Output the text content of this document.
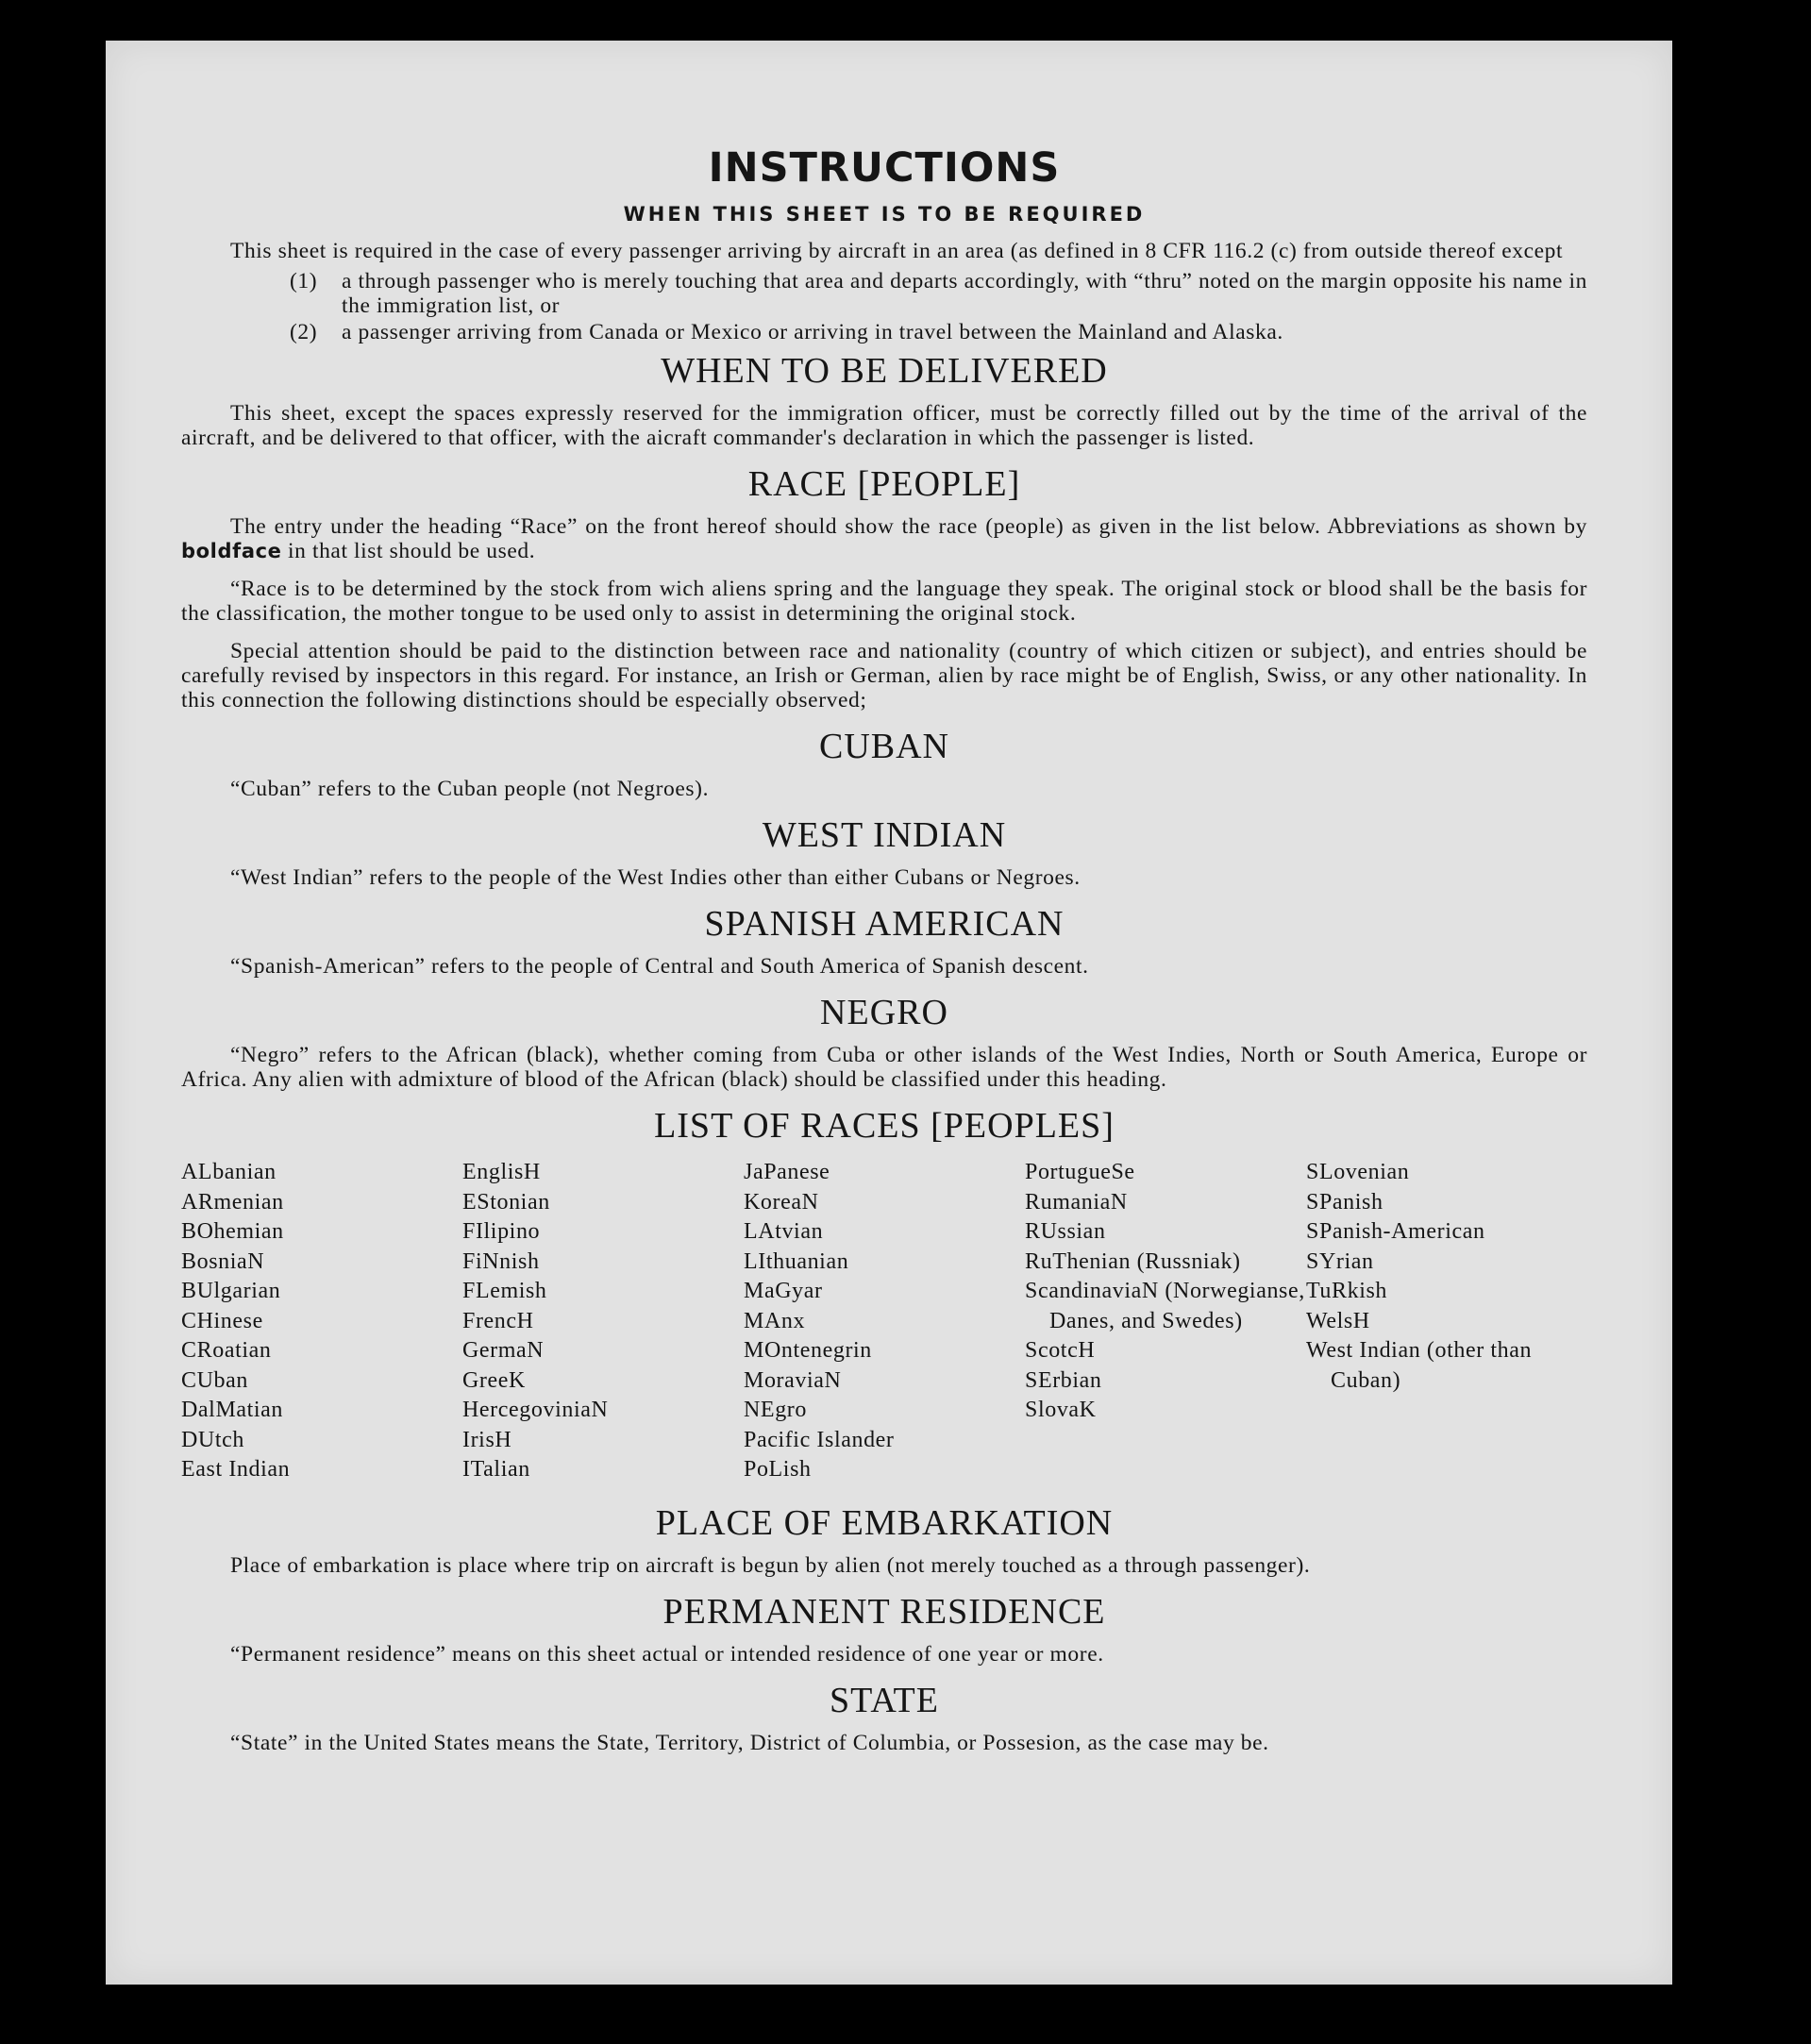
INSTRUCTIONS
WHEN THIS SHEET IS TO BE REQUIRED

This sheet is required in the case of every passenger arriving by aircraft in an area (as defined in 8 CFR 116.2 (c) from outside thereof except

(1) a through passenger who is merely touching that area and departs accordingly, with “thru” noted on the margin opposite his name in the immigration list, or
(2) a passenger arriving from Canada or Mexico or arriving in travel between the Mainland and Alaska.
WHEN TO BE DELIVERED

This sheet, except the spaces expressly reserved for the immigration officer, must be correctly filled out by the time of the arrival of the aircraft, and be delivered to that officer, with the aicraft commander's declaration in which the passenger is listed.

RACE [PEOPLE]

The entry under the heading “Race” on the front hereof should show the race (people) as given in the list below. Abbreviations as shown by boldface in that list should be used.

“Race is to be determined by the stock from wich aliens spring and the language they speak. The original stock or blood shall be the basis for the classification, the mother tongue to be used only to assist in determining the original stock.

Special attention should be paid to the distinction between race and nationality (country of which citizen or subject), and entries should be carefully revised by inspectors in this regard. For instance, an Irish or German, alien by race might be of English, Swiss, or any other nationality. In this connection the following distinctions should be especially observed;

CUBAN

“Cuban” refers to the Cuban people (not Negroes).

WEST INDIAN

“West Indian” refers to the people of the West Indies other than either Cubans or Negroes.

SPANISH AMERICAN

“Spanish-American” refers to the people of Central and South America of Spanish descent.

NEGRO

“Negro” refers to the African (black), whether coming from Cuba or other islands of the West Indies, North or South America, Europe or Africa. Any alien with admixture of blood of the African (black) should be classified under this heading.

LIST OF RACES [PEOPLES]
ALbanian
ARmenian
BOhemian
BosniaN
BUlgarian
CHinese
CRoatian
CUban
DalMatian
DUtch
East Indian
EnglisH
EStonian
FIlipino
FiNnish
FLemish
FrencH
GermaN
GreeK
HercegoviniaN
IrisH
ITalian
JaPanese
KoreaN
LAtvian
LIthuanian
MaGyar
MAnx
MOntenegrin
MoraviaN
NEgro
Pacific Islander
PoLish
PortugueSe
RumaniaN
RUssian
RuThenian (Russniak)
ScandinaviaN (Norwegianse, Danes, and Swedes)
ScotcH
SErbian
SlovaK
SLovenian
SPanish
SPanish-American
SYrian
TuRkish
WelsH
West Indian (other than Cuban)
PLACE OF EMBARKATION

Place of embarkation is place where trip on aircraft is begun by alien (not merely touched as a through passenger).

PERMANENT RESIDENCE

“Permanent residence” means on this sheet actual or intended residence of one year or more.

STATE

“State” in the United States means the State, Territory, District of Columbia, or Possesion, as the case may be.
